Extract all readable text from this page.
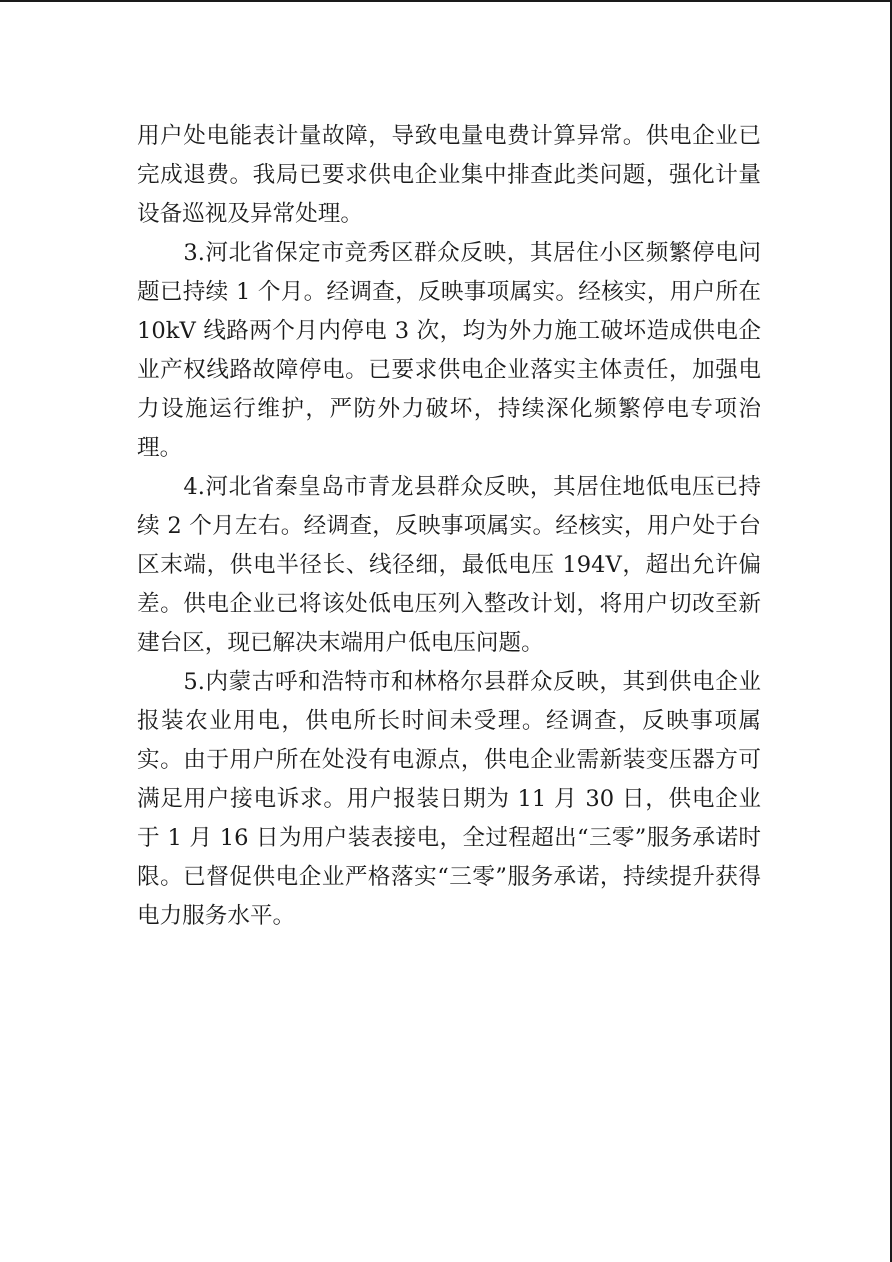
用户处电能表计量故障，导致电量电费计算异常。供电企业已完成退费。我局已要求供电企业集中排查此类问题，强化计量设备巡视及异常处理。

3.河北省保定市竞秀区群众反映，其居住小区频繁停电问题已持续 1 个月。经调查，反映事项属实。经核实，用户所在 10kV 线路两个月内停电 3 次，均为外力施工破坏造成供电企业产权线路故障停电。已要求供电企业落实主体责任，加强电力设施运行维护，严防外力破坏，持续深化频繁停电专项治理。

4.河北省秦皇岛市青龙县群众反映，其居住地低电压已持续 2 个月左右。经调查，反映事项属实。经核实，用户处于台区末端，供电半径长、线径细，最低电压 194V，超出允许偏差。供电企业已将该处低电压列入整改计划，将用户切改至新建台区，现已解决末端用户低电压问题。

5.内蒙古呼和浩特市和林格尔县群众反映，其到供电企业报装农业用电，供电所长时间未受理。经调查，反映事项属实。由于用户所在处没有电源点，供电企业需新装变压器方可满足用户接电诉求。用户报装日期为 11 月 30 日，供电企业于 1 月 16 日为用户装表接电，全过程超出“三零”服务承诺时限。已督促供电企业严格落实“三零”服务承诺，持续提升获得电力服务水平。
